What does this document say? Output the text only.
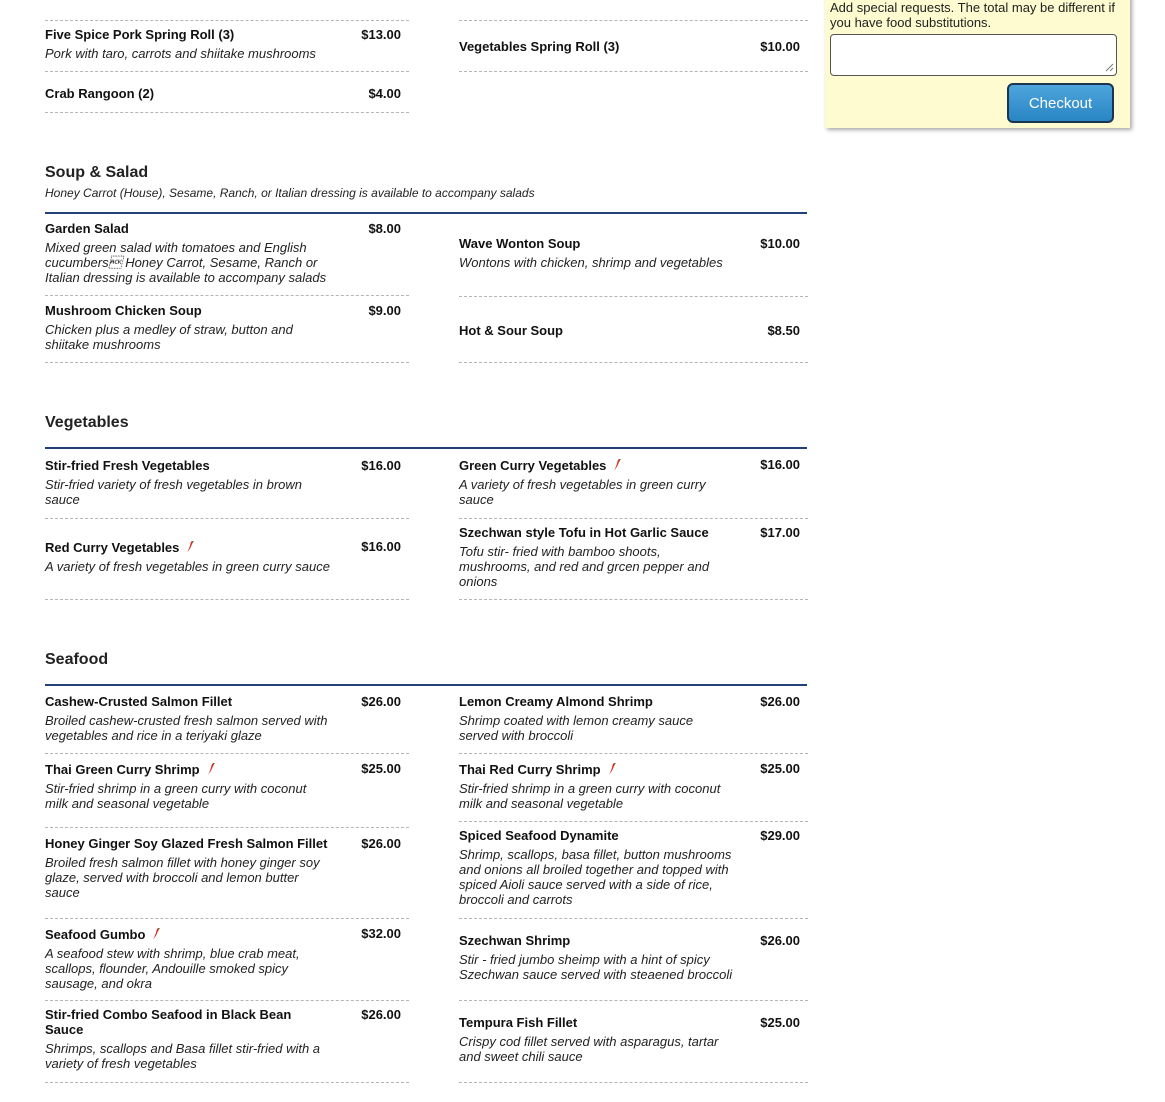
Five Spice Pork Spring Roll (3)	$13.00
Pork with taro, carrots and shiitake mushrooms
Crab Rangoon (2)	$4.00
Vegetables Spring Roll (3)	$10.00
Soup & Salad
Honey Carrot (House), Sesame, Ranch, or Italian dressing is available to accompany salads
Garden Salad	$8.00
Mixed green salad with tomatoes and English cucumbers Honey Carrot, Sesame, Ranch or Italian dressing is available to accompany salads
Mushroom Chicken Soup	$9.00
Chicken plus a medley of straw, button and shiitake mushrooms
Wave Wonton Soup	$10.00
Wontons with chicken, shrimp and vegetables
Hot & Sour Soup	$8.50
Vegetables
Stir-fried Fresh Vegetables	$16.00
Stir-fried variety of fresh vegetables in brown sauce
Red Curry Vegetables	$16.00
A variety of fresh vegetables in green curry sauce
Green Curry Vegetables	$16.00
A variety of fresh vegetables in green curry sauce
Szechwan style Tofu in Hot Garlic Sauce	$17.00
Tofu stir- fried with bamboo shoots, mushrooms, and red and grcen pepper and onions
Seafood
Cashew-Crusted Salmon Fillet	$26.00
Broiled cashew-crusted fresh salmon served with vegetables and rice in a teriyaki glaze
Thai Green Curry Shrimp	$25.00
Stir-fried shrimp in a green curry with coconut milk and seasonal vegetable
Honey Ginger Soy Glazed Fresh Salmon Fillet	$26.00
Broiled fresh salmon fillet with honey ginger soy glaze, served with broccoli and lemon butter sauce
Seafood Gumbo	$32.00
A seafood stew with shrimp, blue crab meat, scallops, flounder, Andouille smoked spicy sausage, and okra
Stir-fried Combo Seafood in Black Bean Sauce
$26.00
Shrimps, scallops and Basa fillet stir-fried with a variety of fresh vegetables
Lemon Creamy Almond Shrimp	$26.00
Shrimp coated with lemon creamy sauce served with broccoli
Thai Red Curry Shrimp	$25.00
Stir-fried shrimp in a green curry with coconut milk and seasonal vegetable
Spiced Seafood Dynamite	$29.00
Shrimp, scallops, basa fillet, button mushrooms and onions all broiled together and topped with spiced Aioli sauce served with a side of rice, broccoli and carrots
Szechwan Shrimp	$26.00
Stir - fried jumbo sheimp with a hint of spicy Szechwan sauce served with steaened broccoli
Tempura Fish Fillet	$25.00
Crispy cod fillet served with asparagus, tartar and sweet chili sauce
Add special requests. The total may be different if you have food substitutions.
Checkout
